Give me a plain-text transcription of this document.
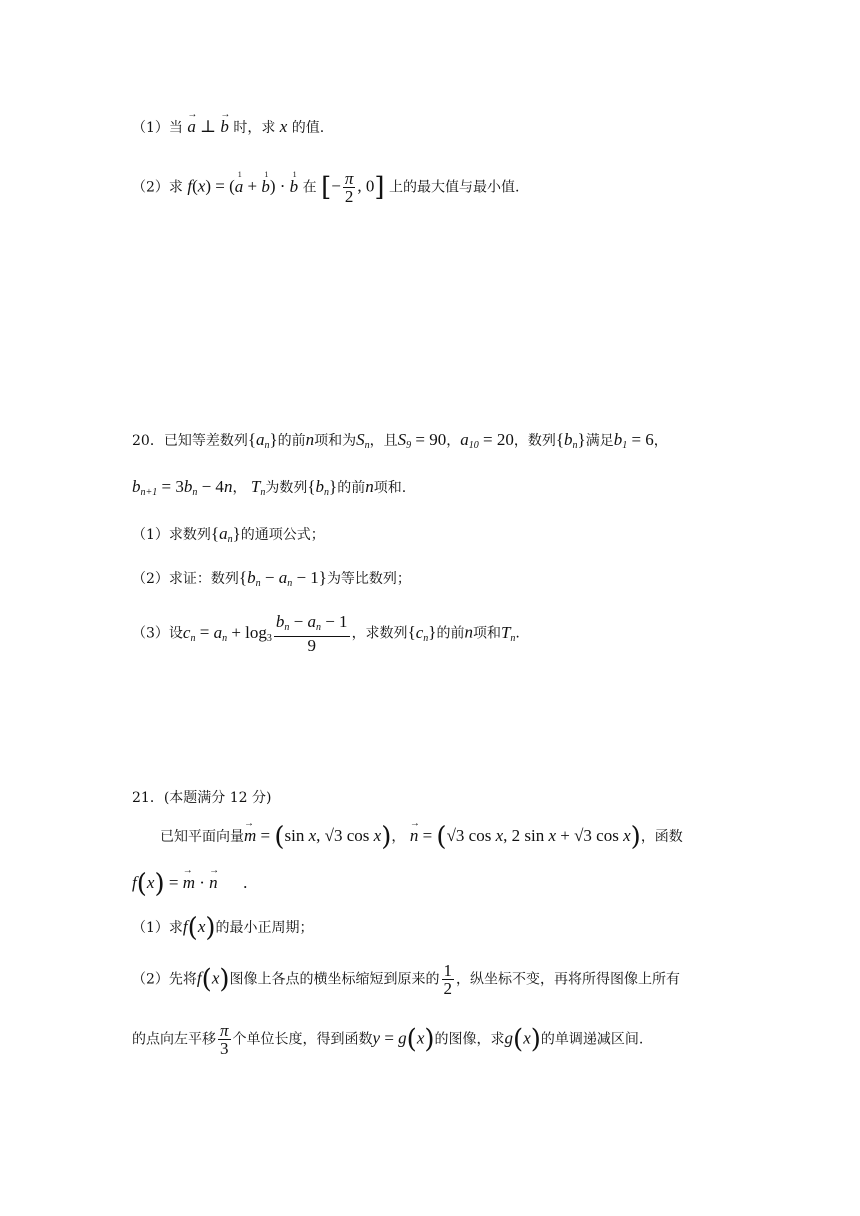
（1）当 → a ⊥ → b 时，求 x 的值.
（2）求 f(x) = (1 a + 1 b) · 1 b 在 [− $\frac{\pi}{2}$ , 0] 上的最大值与最小值.
20．已知等差数列$\{a_n\}$的前n项和为$S_n$，且$S_9 = 90$，$a_{10} = 20$，数列$\{b_n\}$满足$b_1 = 6$，
$b_{n+1} = 3b_n - 4n$， $T_n$为数列$\{b_n\}$的前n项和.
（1）求数列$\{a_n\}$的通项公式；
（2）求证：数列$\{b_n - a_n - 1\}$为等比数列；
（3）设$c_n = a_n + \log_3 \frac{b_n - a_n - 1}{9}$ ，求数列$\{c_n\}$的前n项和$T_n$.
21．(本题满分 12 分)
已知平面向量→ m = (sin x, √3 cos x)， → n = (√3 cos x, 2 sin x + √3 cos x)，函数
f(x) = → m · → n      .
（1）求f(x)的最小正周期；
（2）先将f(x)图像上各点的横坐标缩短到原来的 $\frac{1}{2}$ ，纵坐标不变，再将所得图像上所有
的点向左平移 $\frac{\pi}{3}$ 个单位长度，得到函数y = g(x)的图像，求g(x)的单调递减区间.
